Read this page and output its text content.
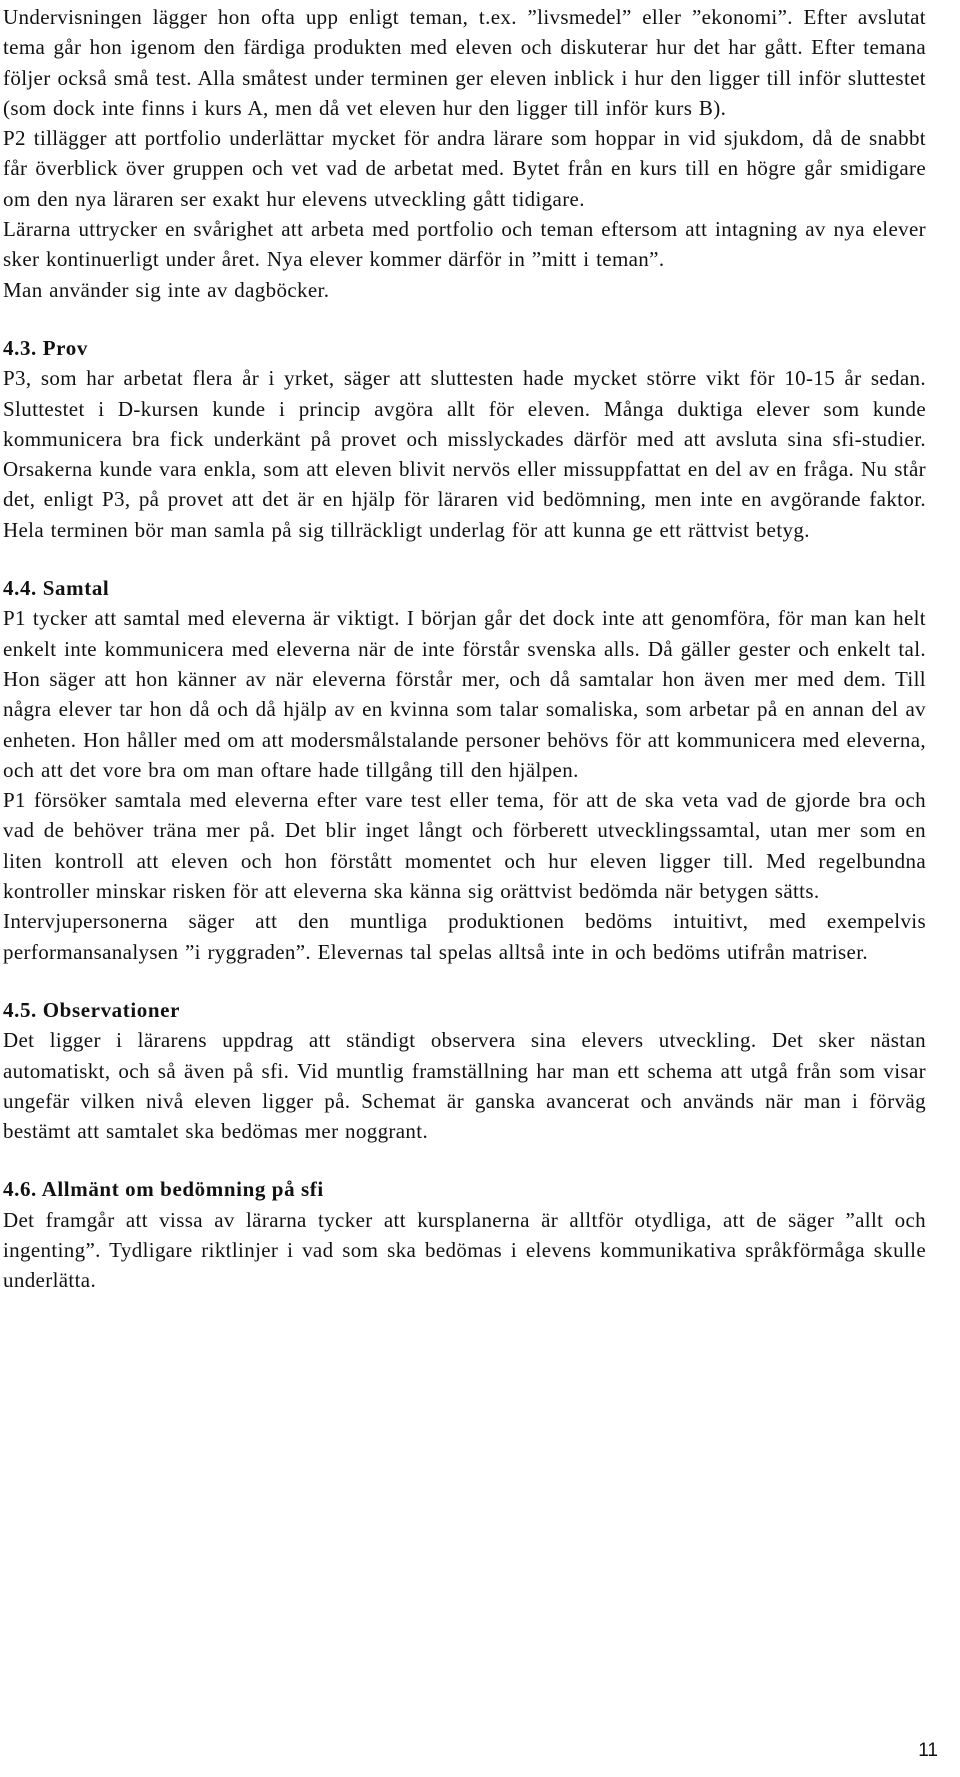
Undervisningen lägger hon ofta upp enligt teman, t.ex. ”livsmedel” eller ”ekonomi”. Efter avslutat tema går hon igenom den färdiga produkten med eleven och diskuterar hur det har gått. Efter temana följer också små test. Alla småtest under terminen ger eleven inblick i hur den ligger till inför sluttestet (som dock inte finns i kurs A, men då vet eleven hur den ligger till inför kurs B).

P2 tillägger att portfolio underlättar mycket för andra lärare som hoppar in vid sjukdom, då de snabbt får överblick över gruppen och vet vad de arbetat med. Bytet från en kurs till en högre går smidigare om den nya läraren ser exakt hur elevens utveckling gått tidigare.

Lärarna uttrycker en svårighet att arbeta med portfolio och teman eftersom att intagning av nya elever sker kontinuerligt under året. Nya elever kommer därför in ”mitt i teman”.

Man använder sig inte av dagböcker.

4.3. Prov

P3, som har arbetat flera år i yrket, säger att sluttesten hade mycket större vikt för 10-15 år sedan. Sluttestet i D-kursen kunde i princip avgöra allt för eleven. Många duktiga elever som kunde kommunicera bra fick underkänt på provet och misslyckades därför med att avsluta sina sfi-studier. Orsakerna kunde vara enkla, som att eleven blivit nervös eller missuppfattat en del av en fråga. Nu står det, enligt P3, på provet att det är en hjälp för läraren vid bedömning, men inte en avgörande faktor. Hela terminen bör man samla på sig tillräckligt underlag för att kunna ge ett rättvist betyg.

4.4. Samtal

P1 tycker att samtal med eleverna är viktigt. I början går det dock inte att genomföra, för man kan helt enkelt inte kommunicera med eleverna när de inte förstår svenska alls. Då gäller gester och enkelt tal. Hon säger att hon känner av när eleverna förstår mer, och då samtalar hon även mer med dem. Till några elever tar hon då och då hjälp av en kvinna som talar somaliska, som arbetar på en annan del av enheten. Hon håller med om att modersmålstalande personer behövs för att kommunicera med eleverna, och att det vore bra om man oftare hade tillgång till den hjälpen.

P1 försöker samtala med eleverna efter vare test eller tema, för att de ska veta vad de gjorde bra och vad de behöver träna mer på. Det blir inget långt och förberett utvecklingssamtal, utan mer som en liten kontroll att eleven och hon förstått momentet och hur eleven ligger till. Med regelbundna kontroller minskar risken för att eleverna ska känna sig orättvist bedömda när betygen sätts.

Intervjupersonerna säger att den muntliga produktionen bedöms intuitivt, med exempelvis performansanalysen ”i ryggraden”. Elevernas tal spelas alltså inte in och bedöms utifrån matriser.

4.5. Observationer

Det ligger i lärarens uppdrag att ständigt observera sina elevers utveckling. Det sker nästan automatiskt, och så även på sfi. Vid muntlig framställning har man ett schema att utgå från som visar ungefär vilken nivå eleven ligger på. Schemat är ganska avancerat och används när man i förväg bestämt att samtalet ska bedömas mer noggrant.

4.6. Allmänt om bedömning på sfi

Det framgår att vissa av lärarna tycker att kursplanerna är alltför otydliga, att de säger ”allt och ingenting”. Tydligare riktlinjer i vad som ska bedömas i elevens kommunikativa språkförmåga skulle underlätta.

11
